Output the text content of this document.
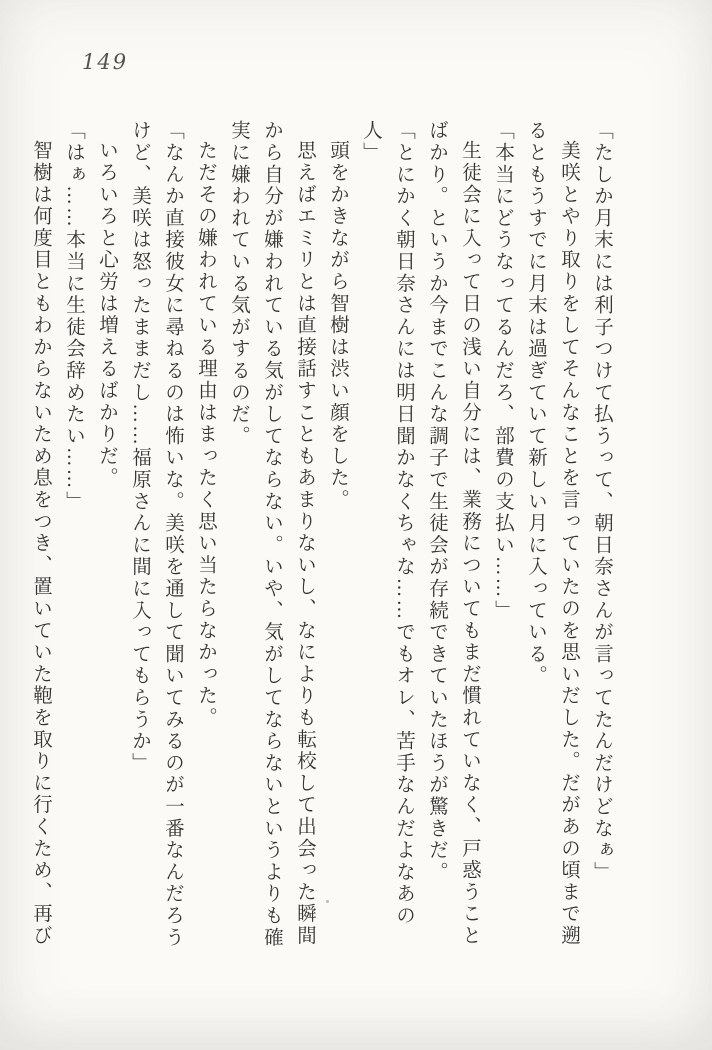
149

「たしか月末には利子つけて払うって、朝日奈さんが言ってたんだけどなぁ」

美咲とやり取りをしてそんなことを言っていたのを思いだした。だがあの頃まで遡るともうすでに月末は過ぎていて新しい月に入っている。

「本当にどうなってるんだろ、部費の支払い……」

生徒会に入って日の浅い自分には、業務についてもまだ慣れていなく、戸惑うことばかり。というか今までこんな調子で生徒会が存続できていたほうが驚きだ。

「とにかく朝日奈さんには明日聞かなくちゃな……でもオレ、苦手なんだよなあの人」

頭をかきながら智樹は渋い顔をした。

思えばエミリとは直接話すこともあまりないし、なによりも転校して出会った瞬間から自分が嫌われている気がしてならない。いや、気がしてならないというよりも確実に嫌われている気がするのだ。

ただその嫌われている理由はまったく思い当たらなかった。

「なんか直接彼女に尋ねるのは怖いな。美咲を通して聞いてみるのが一番なんだろうけど、美咲は怒ったままだし……福原さんに間に入ってもらうか」

いろいろと心労は増えるばかりだ。

「はぁ……本当に生徒会辞めたい……」

智樹は何度目ともわからないため息をつき、置いていた鞄を取りに行くため、再び
